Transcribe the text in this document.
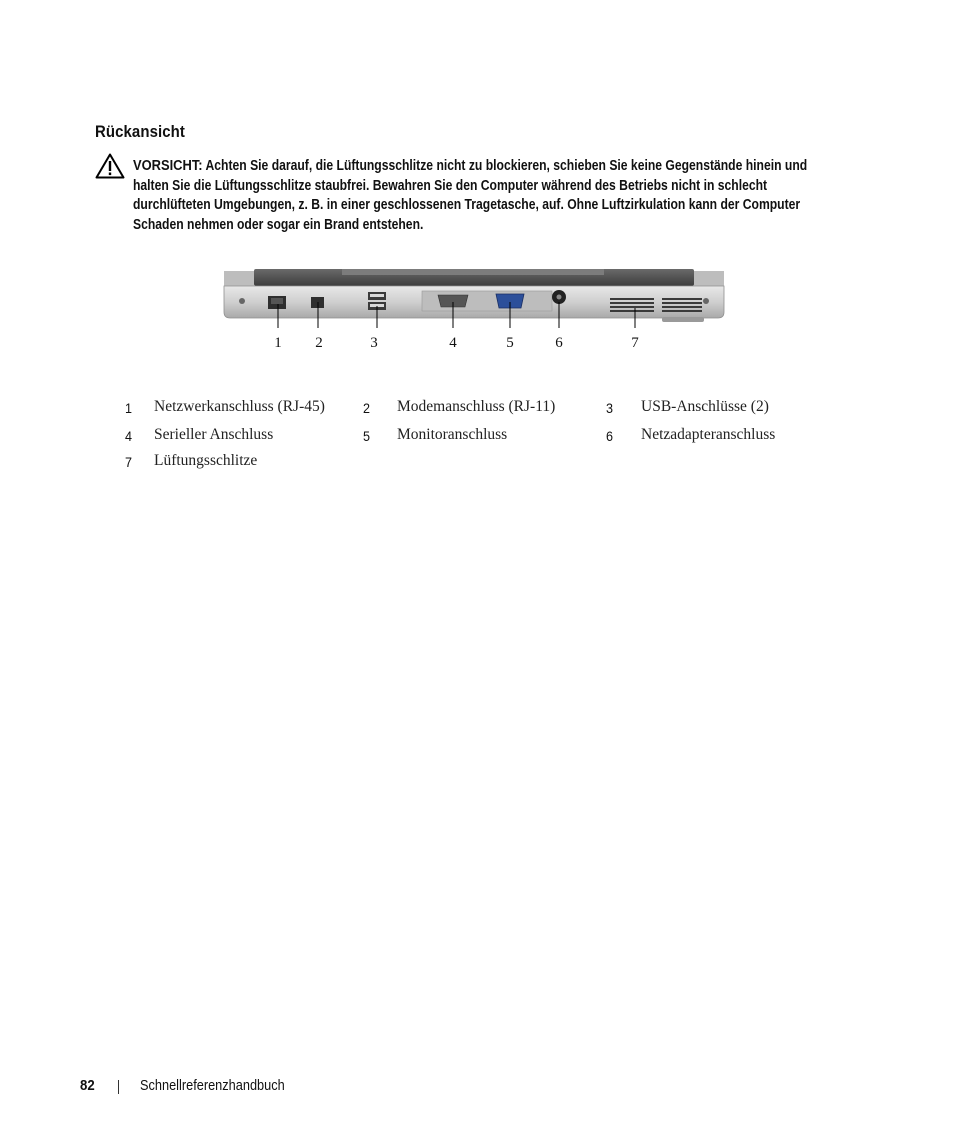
Rückansicht
VORSICHT: Achten Sie darauf, die Lüftungsschlitze nicht zu blockieren, schieben Sie keine Gegenstände hinein und halten Sie die Lüftungsschlitze staubfrei. Bewahren Sie den Computer während des Betriebs nicht in schlecht durchlüfteten Umgebungen, z. B. in einer geschlossenen Tragetasche, auf. Ohne Luftzirkulation kann der Computer Schaden nehmen oder sogar ein Brand entstehen.
1	2	3	4	5	6	7
1 Netzwerkanschluss (RJ-45)	2 Modemanschluss (RJ-11)	3 USB-Anschlüsse (2)
4 Serieller Anschluss	5 Monitoranschluss	6 Netzadapteranschluss
7 Lüftungsschlitze
82	Schnellreferenzhandbuch
